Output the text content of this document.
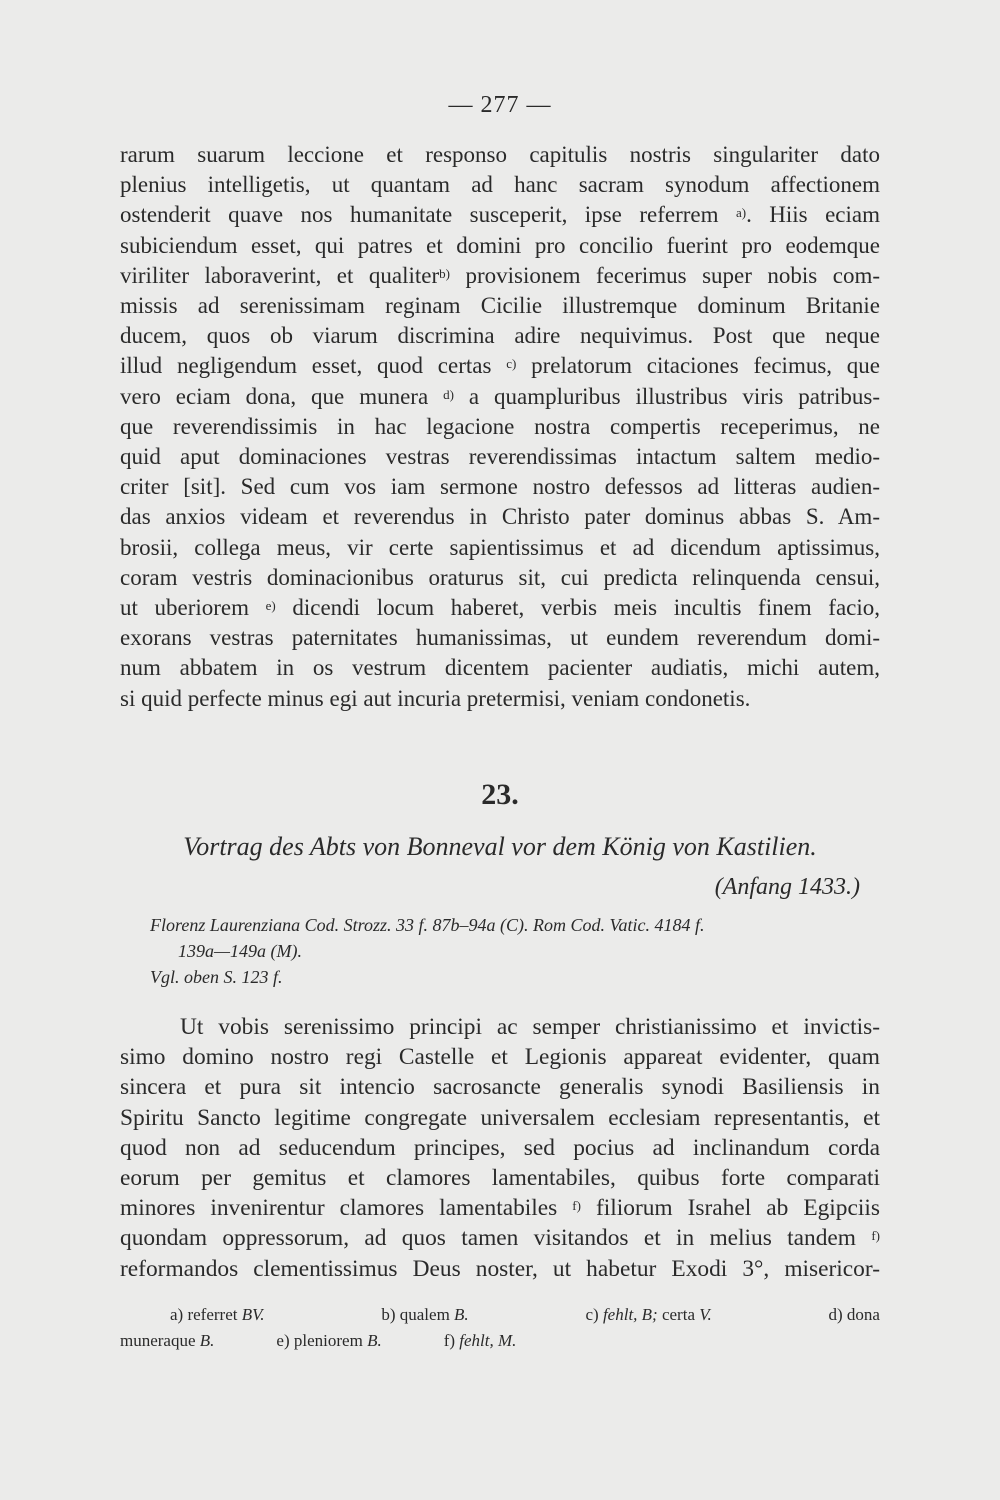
— 277 —
rarum suarum leccione et responso capitulis nostris singulariter dato
plenius intelligetis, ut quantam ad hanc sacram synodum affectionem
ostenderit quave nos humanitate susceperit, ipse referrem $^{a)}$. Hiis eciam
subiciendum esset, qui patres et domini pro concilio fuerint pro eodemque
viriliter laboraverint, et qualiter$^{b)}$ provisionem fecerimus super nobis com-
missis ad serenissimam reginam Cicilie illustremque dominum Britanie
ducem, quos ob viarum discrimina adire nequivimus. Post que neque
illud negligendum esset, quod certas $^{c)}$ prelatorum citaciones fecimus, que
vero eciam dona, que munera $^{d)}$ a quampluribus illustribus viris patribus-
que reverendissimis in hac legacione nostra compertis receperimus, ne
quid aput dominaciones vestras reverendissimas intactum saltem medio-
criter [sit]. Sed cum vos iam sermone nostro defessos ad litteras audien-
das anxios videam et reverendus in Christo pater dominus abbas S. Am-
brosii, collega meus, vir certe sapientissimus et ad dicendum aptissimus,
coram vestris dominacionibus oraturus sit, cui predicta relinquenda censui,
ut uberiorem $^{e)}$ dicendi locum haberet, verbis meis incultis finem facio,
exorans vestras paternitates humanissimas, ut eundem reverendum domi-
num abbatem in os vestrum dicentem pacienter audiatis, michi autem,
si quid perfecte minus egi aut incuria pretermisi, veniam condonetis.
23.
Vortrag des Abts von Bonneval vor dem König von Kastilien.
(Anfang 1433.)
Florenz Laurenziana Cod. Strozz. 33 f. 87b–94a (C). Rom Cod. Vatic. 4184 f.
139a—149a (M).
Vgl. oben S. 123 f.
Ut vobis serenissimo principi ac semper christianissimo et invictis-
simo domino nostro regi Castelle et Legionis appareat evidenter, quam
sincera et pura sit intencio sacrosancte generalis synodi Basiliensis in
Spiritu Sancto legitime congregate universalem ecclesiam representantis, et
quod non ad seducendum principes, sed pocius ad inclinandum corda
eorum per gemitus et clamores lamentabiles, quibus forte comparati
minores invenirentur clamores lamentabiles $^{f)}$ filiorum Israhel ab Egipciis
quondam oppressorum, ad quos tamen visitandos et in melius tandem $^{f)}$
reformandos clementissimus Deus noster, ut habetur Exodi 3°, misericor-
a) referret BV.	b) qualem B.	c) fehlt, B; certa V.	d) dona
muneraque B.	e) pleniorem B.	f) fehlt, M.
